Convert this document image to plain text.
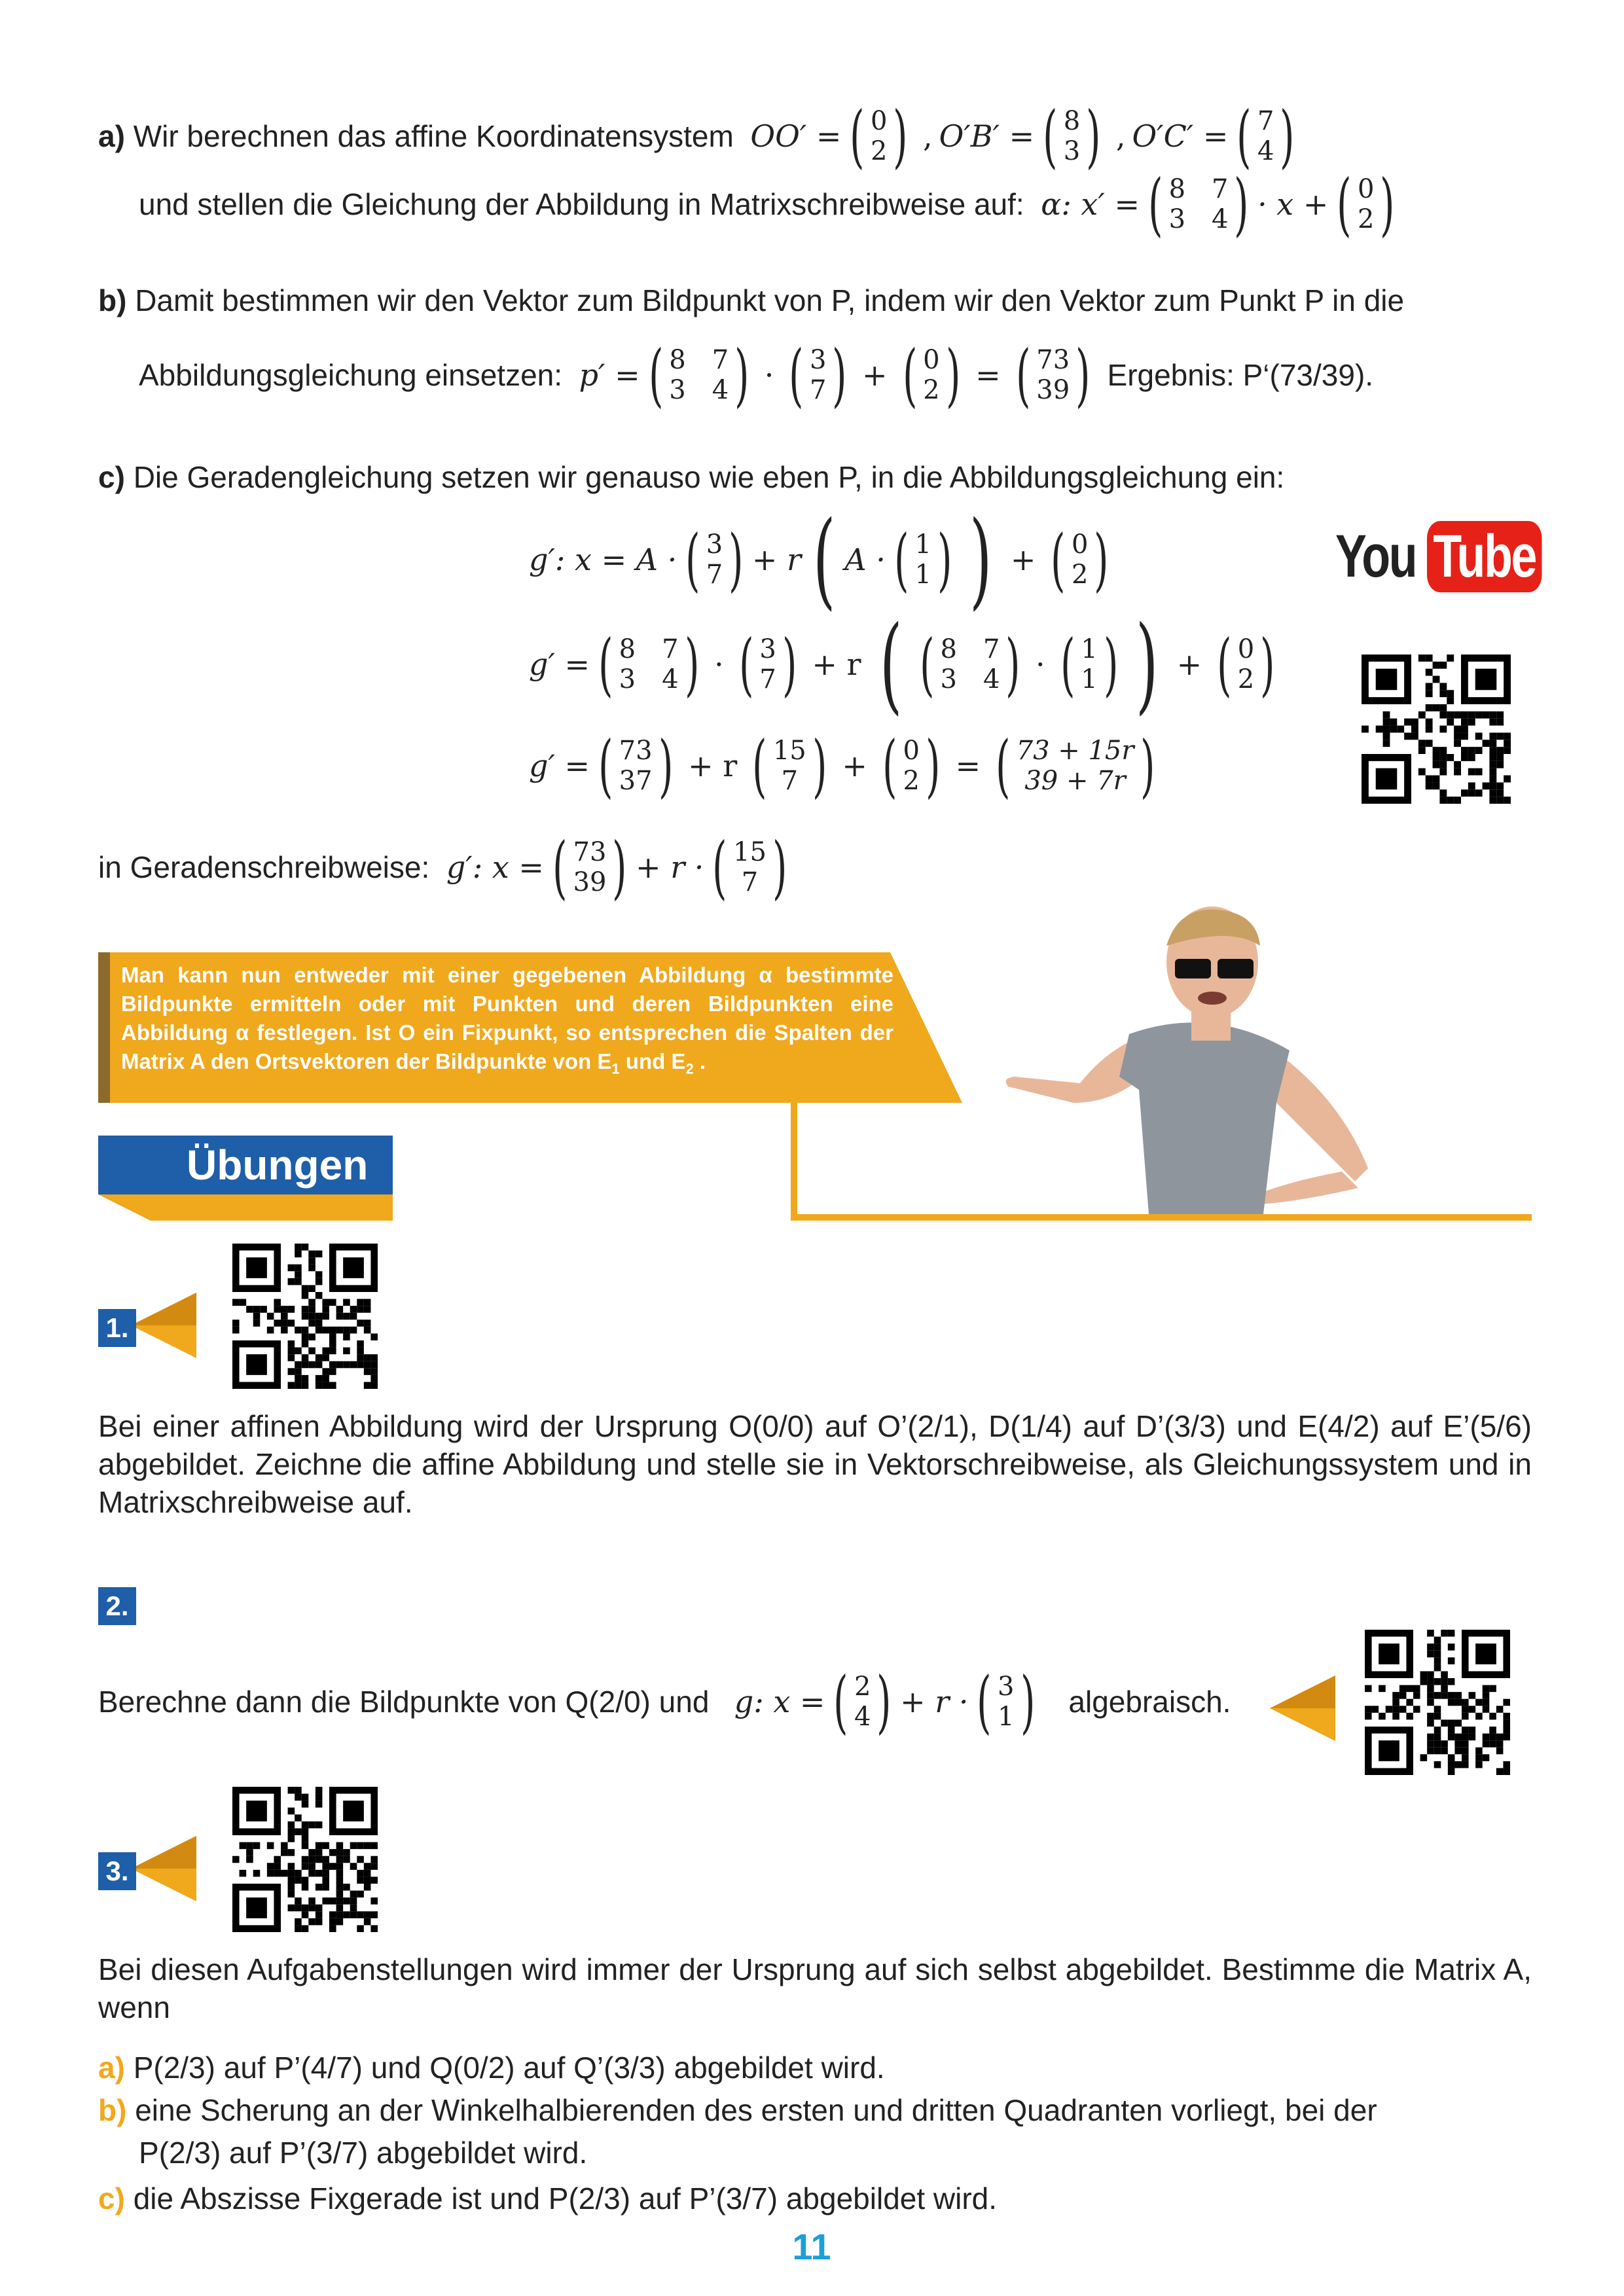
a)
Wir berechnen das affine Koordinatensystem
OO′ = ( 0
2 ) , O′B′ = ( 8
3 ) , O′C′ = ( 7
4 )
und stellen die Gleichung der Abbildung in Matrixschreibweise auf:
α: x′ = ( 8 7
3 4 ) · x + ( 0
2 )
b) Damit bestimmen wir den Vektor zum Bildpunkt von P, indem wir den Vektor zum Punkt P in die
Abbildungsgleichung einsetzen:
p′ = ( 8 7
3 4 ) · ( 3
7 ) + ( 0
2 ) = ( 73
39 )
Ergebnis: P‘(73/39).
c) Die Geradengleichung setzen wir genauso wie eben P, in die Abbildungsgleichung ein:
g′: x = A · ( 3
7 ) + r ( A · ( 1
1 ) ) + ( 0
2 )
g′ = ( 8 7
3 4 ) · ( 3
7 ) + r ( ( 8 7
3 4 ) · ( 1
1 ) ) + ( 0
2 )
g′ = ( 73
37 ) + r ( 15
7 ) + ( 0
2 ) = ( 73 + 15r
39 + 7r )
in Geradenschreibweise:
g′: x = ( 73
39 ) + r · ( 15
7 )
You Tube
Man kann nun entweder mit einer gegebenen Abbildung α bestimmte Bildpunkte ermitteln oder mit Punkten und deren Bildpunkten eine Abbildung α festlegen. Ist O ein Fixpunkt, so entsprechen die Spalten der Matrix A den Ortsvektoren der Bildpunkte von $E_1$ und $E_2$ .
Übungen
1.
Bei einer affinen Abbildung wird der Ursprung O(0/0) auf O’(2/1), D(1/4) auf D’(3/3) und E(4/2) auf E’(5/6) abgebildet. Zeichne die affine Abbildung und stelle sie in Vektorschreibweise, als Gleichungssystem und in Matrixschreibweise auf.
2.
Berechne dann die Bildpunkte von Q(2/0) und
g: x = ( 2
4 ) + r · ( 3
1 )
algebraisch.
3.
Bei diesen Aufgabenstellungen wird immer der Ursprung auf sich selbst abgebildet. Bestimme die Matrix A, wenn
a) P(2/3) auf P’(4/7) und Q(0/2) auf Q’(3/3) abgebildet wird.
b) eine Scherung an der Winkelhalbierenden des ersten und dritten Quadranten vorliegt, bei der
P(2/3) auf P’(3/7) abgebildet wird.
c) die Abszisse Fixgerade ist und P(2/3) auf P’(3/7) abgebildet wird.
11
